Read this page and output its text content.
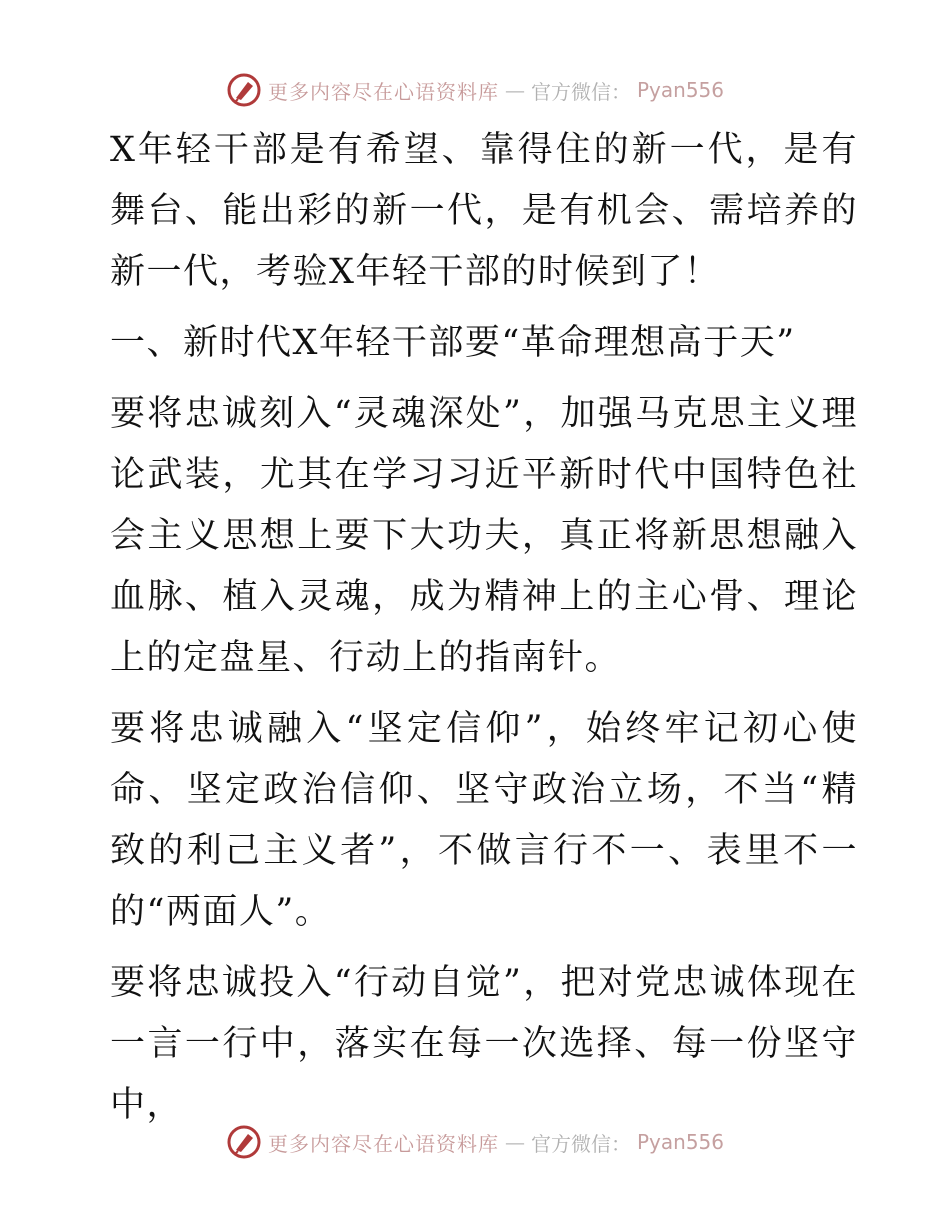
更多内容尽在心语资料库 — 官方微信： Pyan556

X年轻干部是有希望、靠得住的新一代，是有舞台、能出彩的新一代，是有机会、需培养的新一代，考验X年轻干部的时候到了！

一、新时代X年轻干部要“革命理想高于天”

要将忠诚刻入“灵魂深处”，加强马克思主义理论武装，尤其在学习习近平新时代中国特色社会主义思想上要下大功夫，真正将新思想融入血脉、植入灵魂，成为精神上的主心骨、理论上的定盘星、行动上的指南针。

要将忠诚融入“坚定信仰”，始终牢记初心使命、坚定政治信仰、坚守政治立场，不当“精致的利己主义者”，不做言行不一、表里不一的“两面人”。

要将忠诚投入“行动自觉”，把对党忠诚体现在一言一行中，落实在每一次选择、每一份坚守中，

更多内容尽在心语资料库 — 官方微信： Pyan556
